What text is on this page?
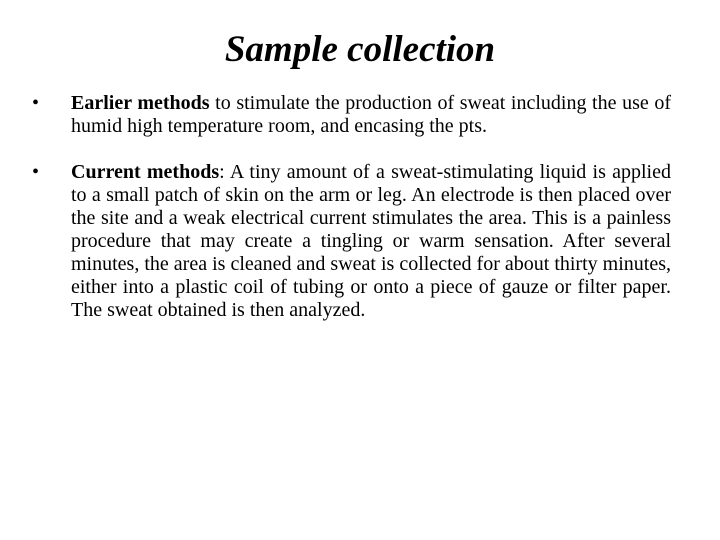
Sample collection
•	Earlier methods to stimulate the production of sweat including the use of humid high temperature room, and encasing the pts.
•	Current methods: A tiny amount of a sweat-stimulating liquid is applied to a small patch of skin on the arm or leg. An electrode is then placed over the site and a weak electrical current stimulates the area. This is a painless procedure that may create a tingling or warm sensation. After several minutes, the area is cleaned and sweat is collected for about thirty minutes, either into a plastic coil of tubing or onto a piece of gauze or filter paper. The sweat obtained is then analyzed.
